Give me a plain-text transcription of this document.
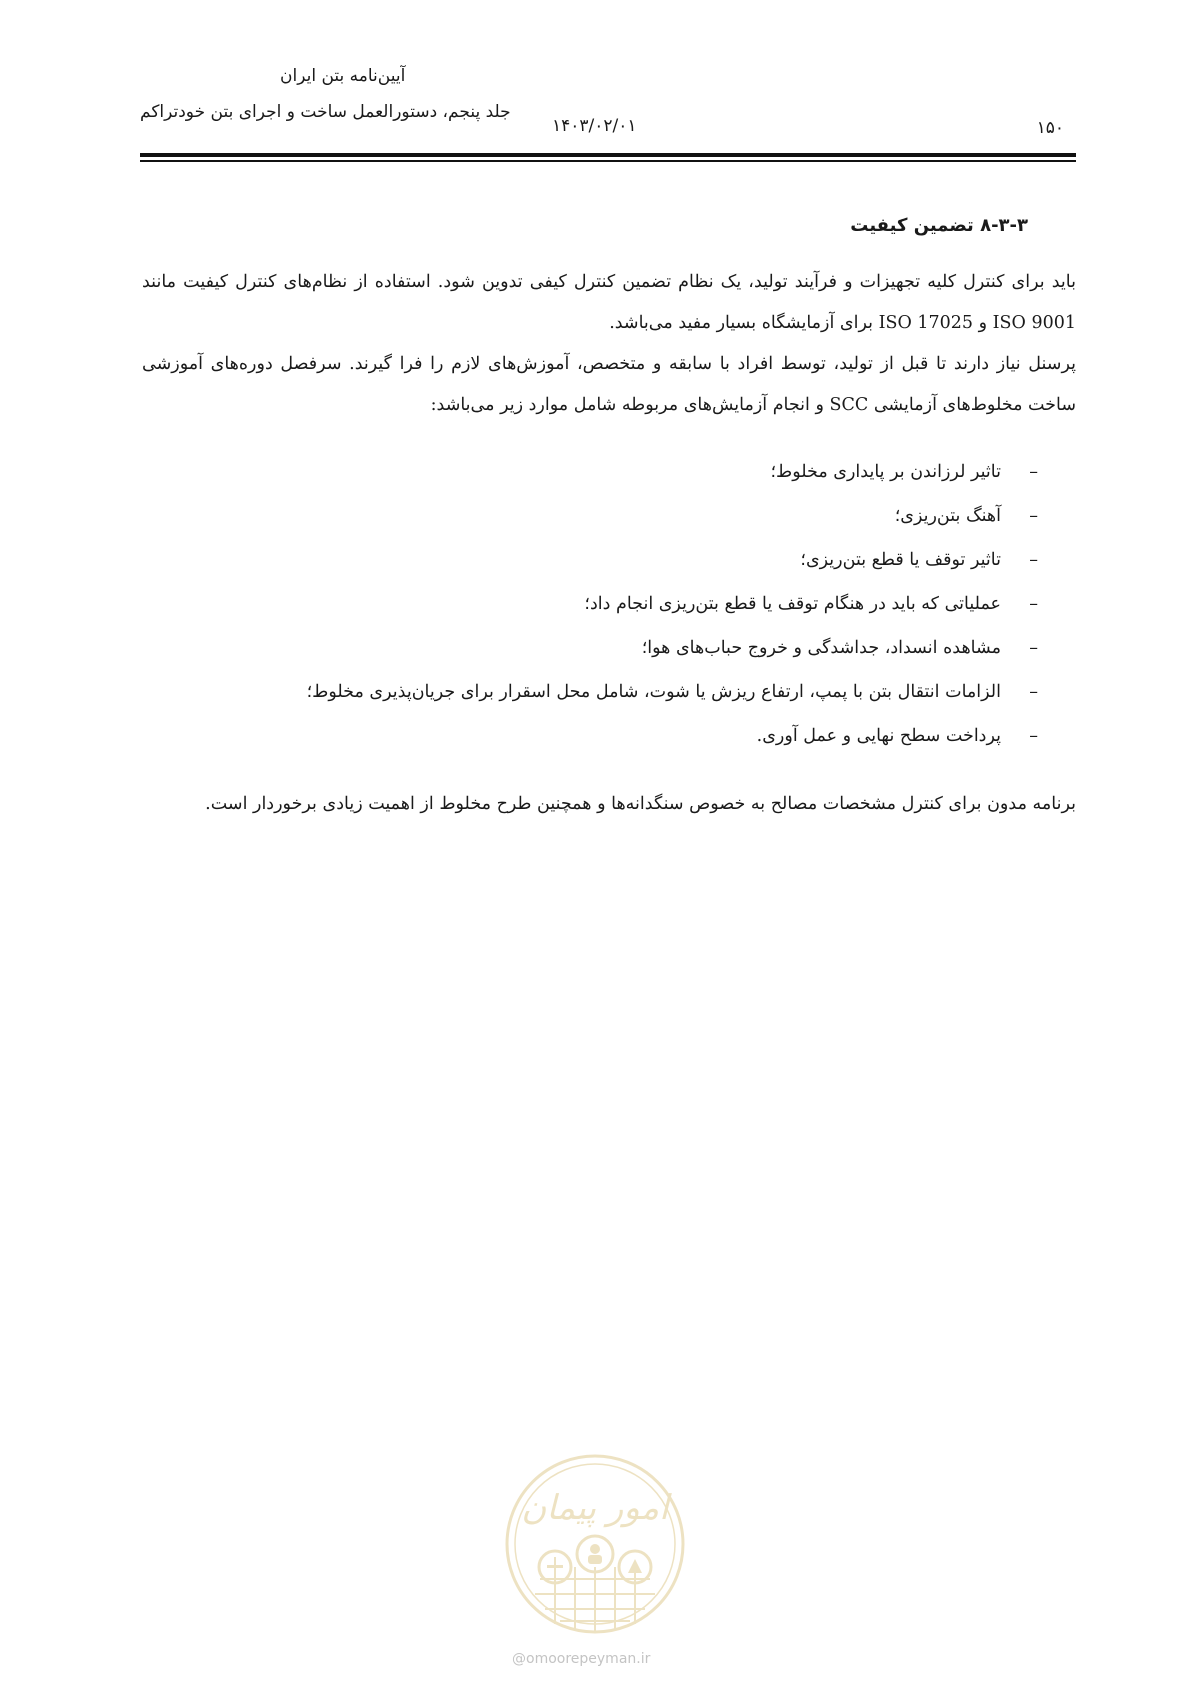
آیین‌نامه بتن ایران
جلد پنجم، دستورالعمل ساخت و اجرای بتن خودتراکم
۱۴۰۳/۰۲/۰۱	۱۵۰
۸-۳-۳ تضمین کیفیت

باید برای کنترل کلیه تجهیزات و فرآیند تولید، یک نظام تضمین کنترل کیفی تدوین شود. استفاده از نظام‌های کنترل کیفیت مانند ISO 9001 و ISO 17025 برای آزمایشگاه بسیار مفید می‌باشد.

پرسنل نیاز دارند تا قبل از تولید، توسط افراد با سابقه و متخصص، آموزش‌های لازم را فرا گیرند. سرفصل دوره‌های آموزشی ساخت مخلوط‌های آزمایشی SCC و انجام آزمایش‌های مربوطه شامل موارد زیر می‌باشد:

–
تاثیر لرزاندن بر پایداری مخلوط؛
–
آهنگ بتن‌ریزی؛
–
تاثیر توقف یا قطع بتن‌ریزی؛
–
عملیاتی که باید در هنگام توقف یا قطع بتن‌ریزی انجام داد؛
–
مشاهده انسداد، جداشدگی و خروج حباب‌های هوا؛
–
الزامات انتقال بتن با پمپ، ارتفاع ریزش یا شوت، شامل محل اسقرار برای جریان‌پذیری مخلوط؛
–
پرداخت سطح نهایی و عمل آوری.

برنامه مدون برای کنترل مشخصات مصالح به خصوص سنگدانه‌ها و همچنین طرح مخلوط از اهمیت زیادی برخوردار است.

امور پیمان
@omoorepeyman.ir
